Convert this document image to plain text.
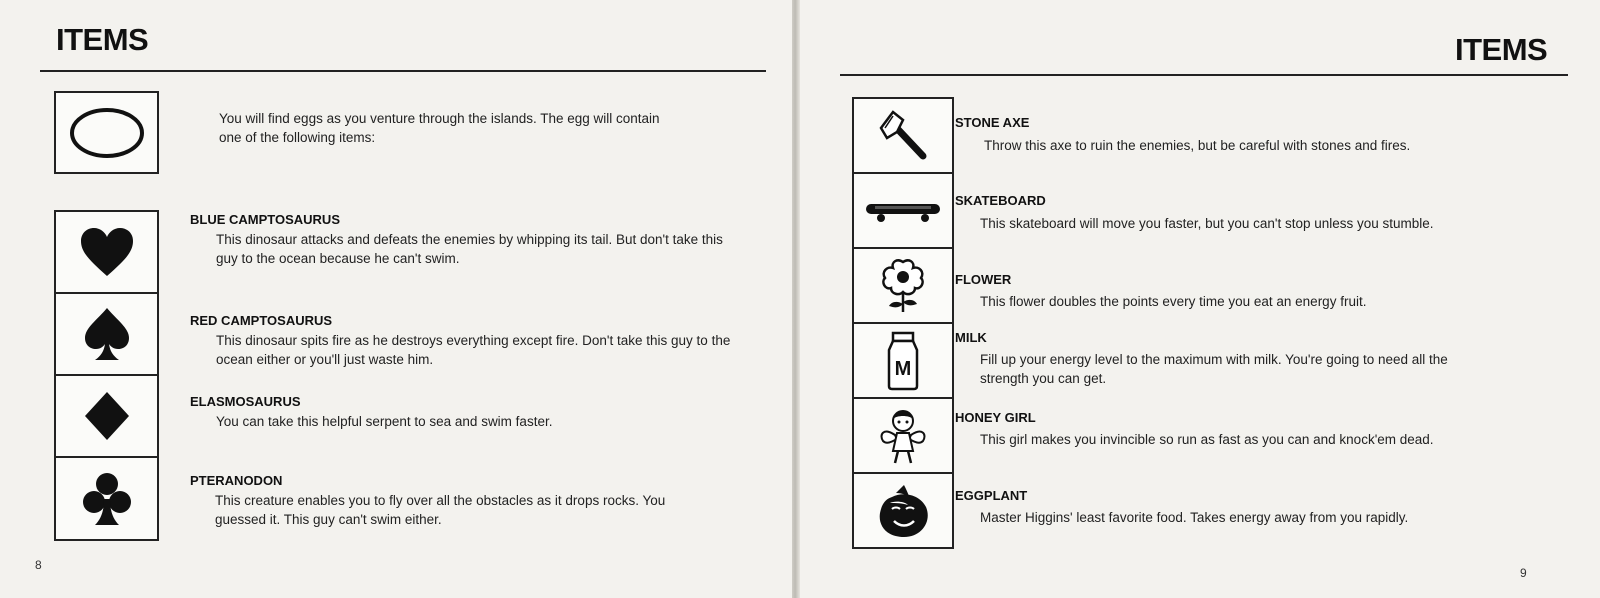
ITEMS
You will find eggs as you venture through the islands. The egg will contain one of the following items:
BLUE CAMPTOSAURUS
This dinosaur attacks and defeats the enemies by whipping its tail. But don't take this guy to the ocean because he can't swim.
RED CAMPTOSAURUS
This dinosaur spits fire as he destroys everything except fire. Don't take this guy to the ocean either or you'll just waste him.
ELASMOSAURUS
You can take this helpful serpent to sea and swim faster.
PTERANODON
This creature enables you to fly over all the obstacles as it drops rocks. You guessed it. This guy can't swim either.
8
ITEMS
M
STONE AXE
Throw this axe to ruin the enemies, but be careful with stones and fires.
SKATEBOARD
This skateboard will move you faster, but you can't stop unless you stumble.
FLOWER
This flower doubles the points every time you eat an energy fruit.
MILK
Fill up your energy level to the maximum with milk. You're going to need all the strength you can get.
HONEY GIRL
This girl makes you invincible so run as fast as you can and knock'em dead.
EGGPLANT
Master Higgins' least favorite food. Takes energy away from you rapidly.
9
